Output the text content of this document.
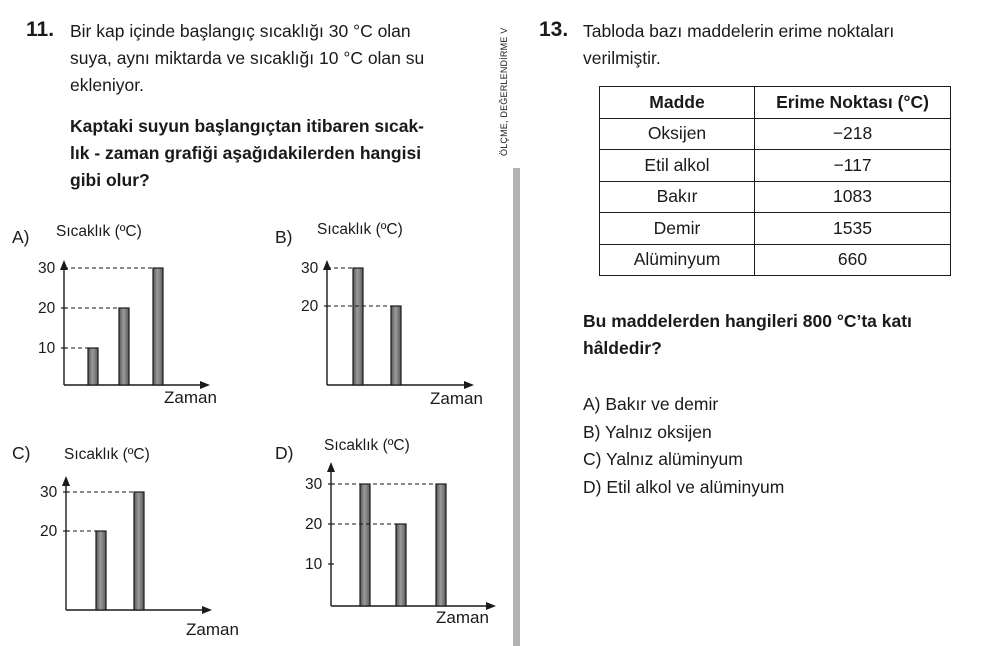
ÖLÇME, DEĞERLENDİRME V
11. Bir kap içinde başlangıç sıcaklığı 30 °C olan
suya, aynı miktarda ve sıcaklığı 10 °C olan su
ekleniyor.
Kaptaki suyun başlangıçtan itibaren sıcak-
lık - zaman grafiği aşağıdakilerden hangisi
gibi olur?
A)	B)
C)	D)
Sıcaklık (ºC)
Zaman
30
20
10
Sıcaklık (ºC)
Zaman
30
20
Sıcaklık (ºC)
Zaman
30
20
Sıcaklık (ºC)
Zaman
30
20
10
13. Tabloda bazı maddelerin erime noktaları
verilmiştir.
Madde	Erime Noktası (°C)
Oksijen	−218
Etil alkol	−117
Bakır	1083
Demir	1535
Alüminyum	660
Bu maddelerden hangileri 800 °C’ta katı
hâldedir?
A) Bakır ve demir
B) Yalnız oksijen
C) Yalnız alüminyum
D) Etil alkol ve alüminyum
